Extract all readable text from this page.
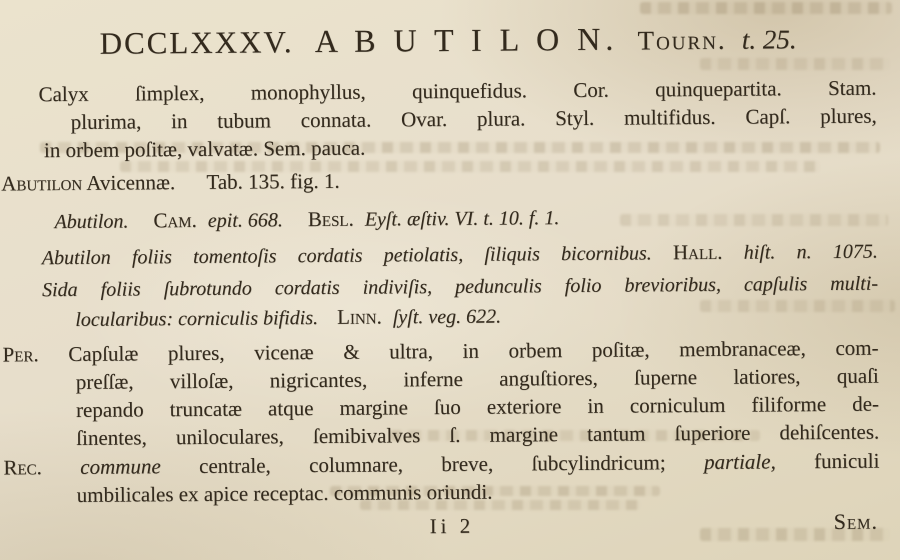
DCCLXXXV. A B U T I L O N. Tourn. t. 25.
Calyx ſimplex, monophyllus, quinquefidus. Cor. quinquepartita. Stam.
plurima, in tubum connata. Ovar. plura. Styl. multifidus. Capſ. plures,
in orbem poſitæ, valvatæ. Sem. pauca.
Abutilon Avicennæ. Tab. 135. fig. 1.
Abutilon. Cam. epit. 668. Besl. Eyſt. æſtiv. VI. t. 10. f. 1.
Abutilon foliis tomentoſis cordatis petiolatis, ſiliquis bicornibus. Hall. hiſt. n. 1075.
Sida foliis ſubrotundo cordatis indiviſis, pedunculis folio brevioribus, capſulis multi-
locularibus: corniculis bifidis. Linn. ſyſt. veg. 622.
Per. Capſulæ plures, vicenæ & ultra, in orbem poſitæ, membranaceæ, com-
preſſæ, villoſæ, nigricantes, inferne anguſtiores, ſuperne latiores, quaſi
repando truncatæ atque margine ſuo exteriore in corniculum filiforme de-
ſinentes, uniloculares, ſemibivalves ſ. margine tantum ſuperiore dehiſcentes.
Rec. commune centrale, columnare, breve, ſubcylindricum; partiale, funiculi
umbilicales ex apice receptac. communis oriundi.
Ii 2	Sem.
